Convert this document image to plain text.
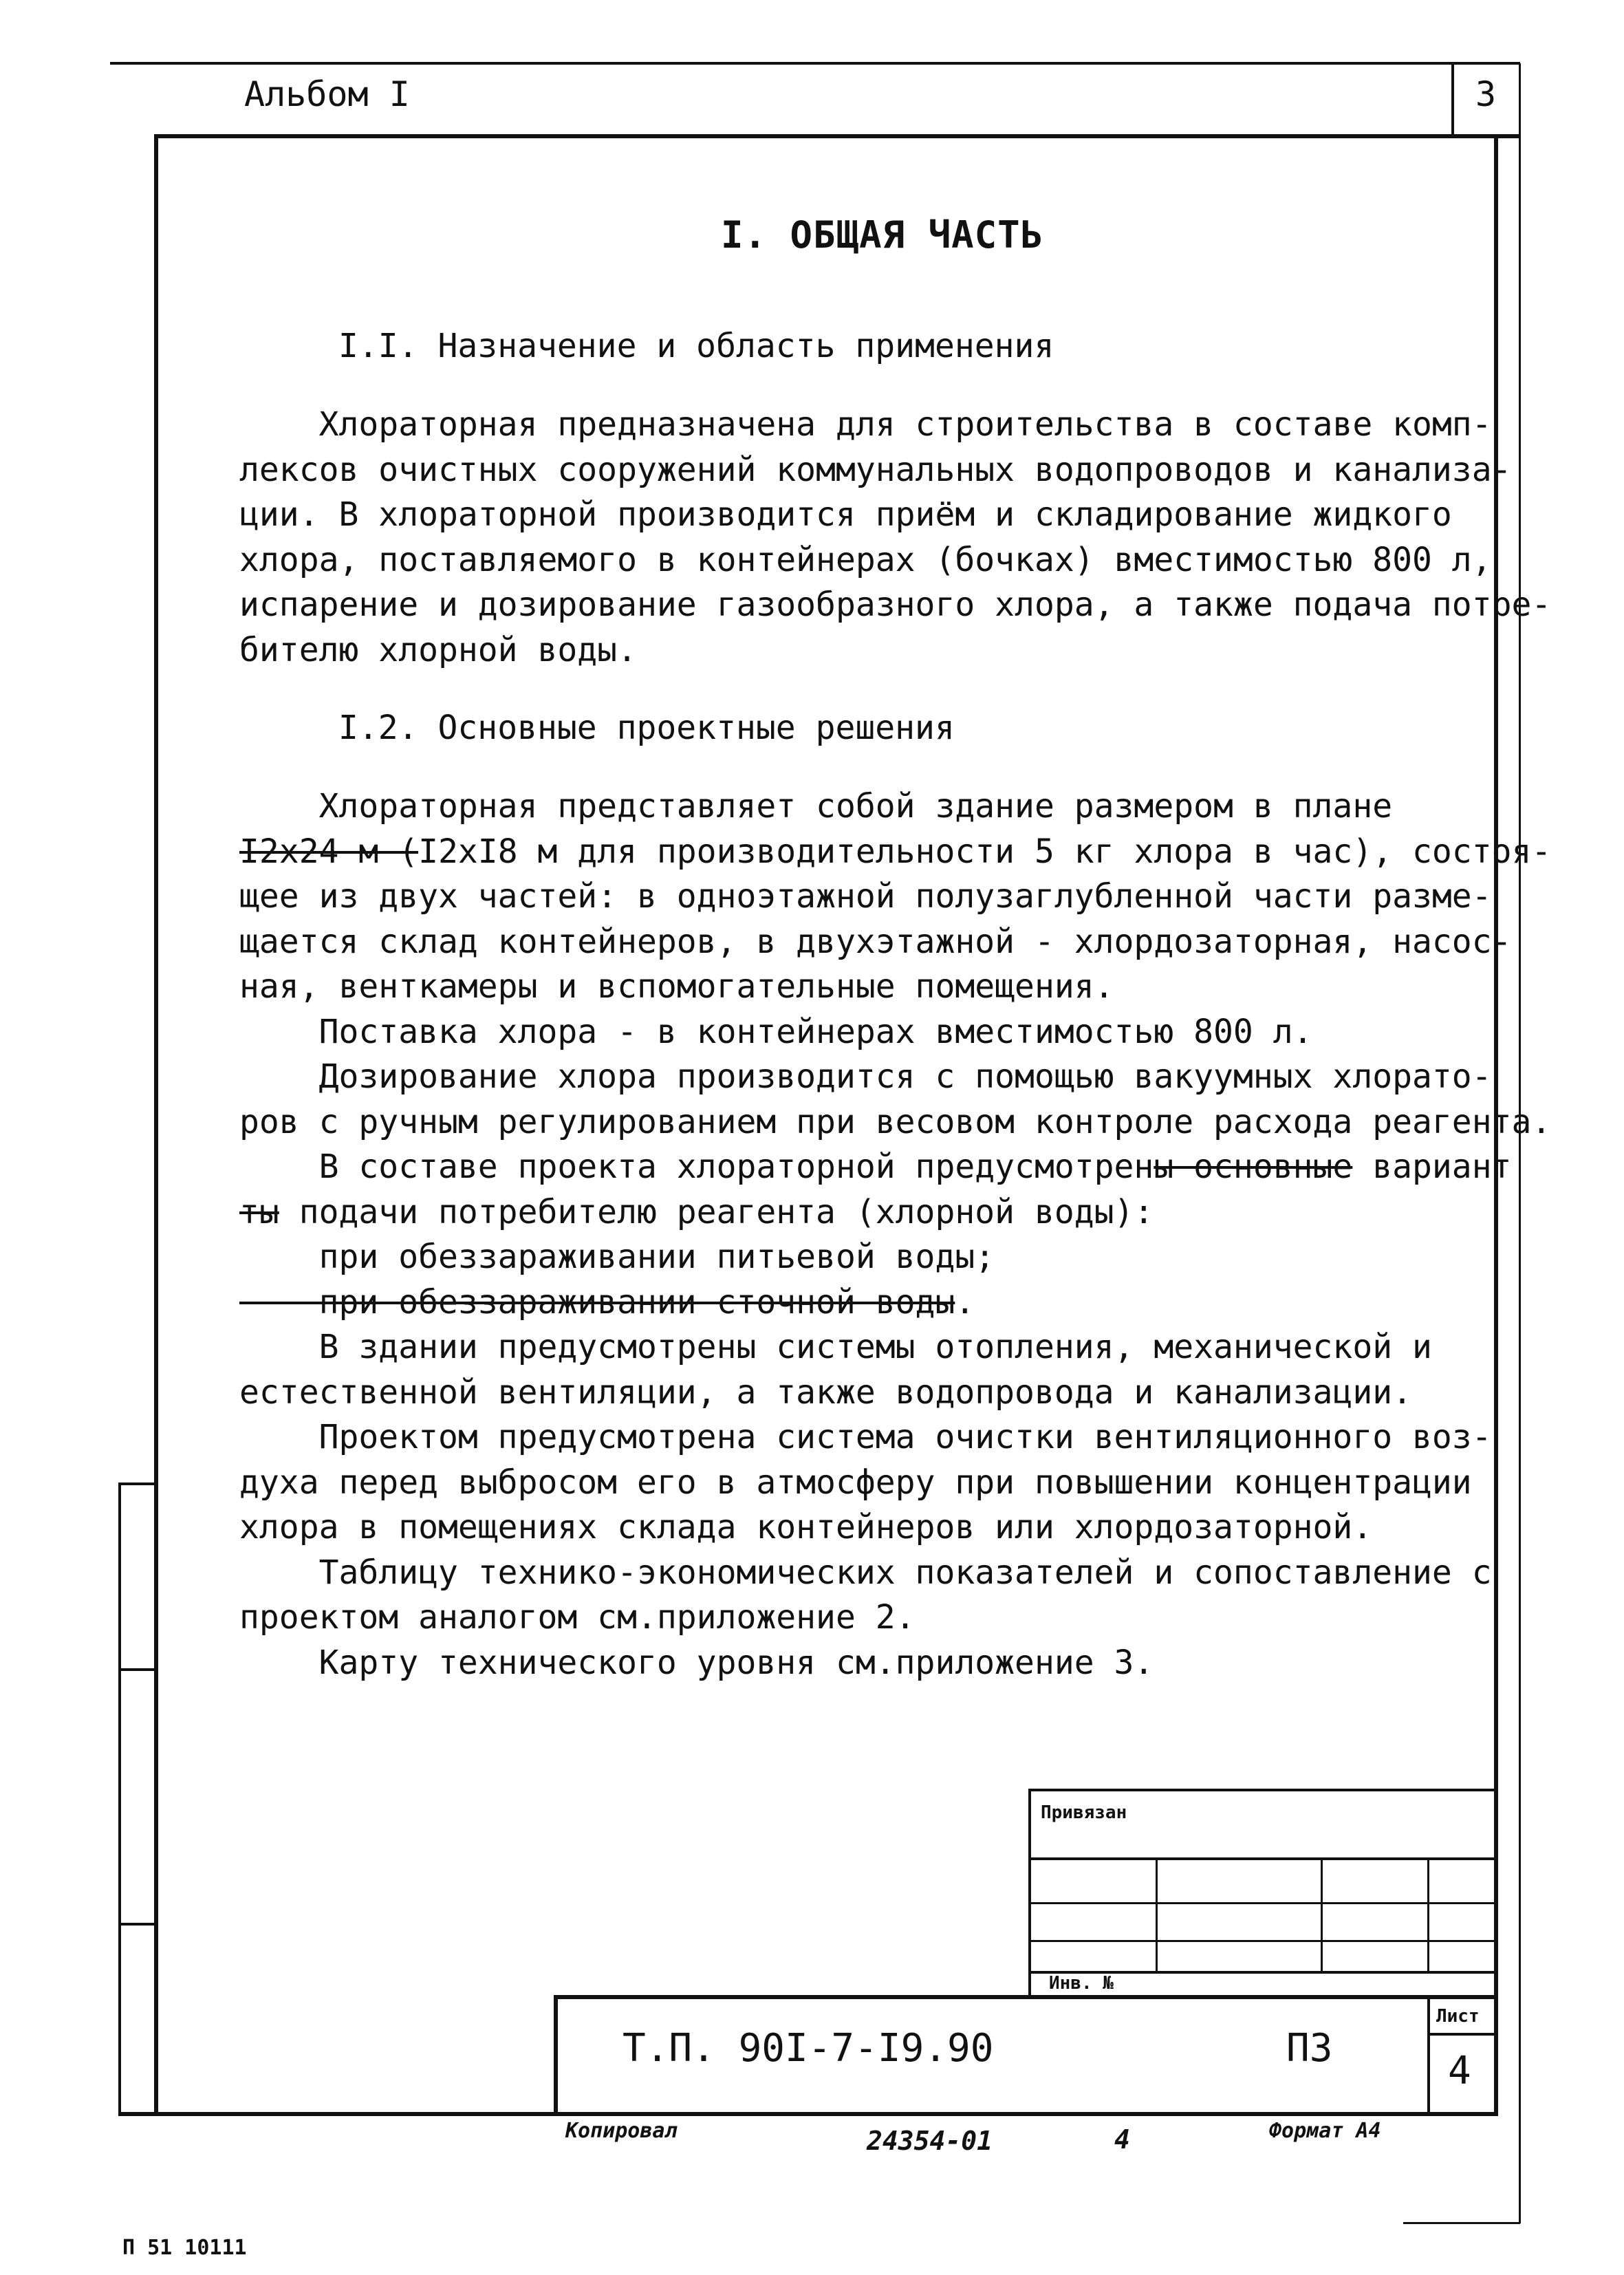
Альбом I	3
I. ОБЩАЯ ЧАСТЬ
I.I. Назначение и область применения
Хлораторная предназначена для строительства в составе комп-
лексов очистных сооружений коммунальных водопроводов и канализа-
ции. В хлораторной производится приём и складирование жидкого
хлора, поставляемого в контейнерах (бочках) вместимостью 800 л,
испарение и дозирование газообразного хлора, а также подача потре-
бителю хлорной воды.
I.2. Основные проектные решения
Хлораторная представляет собой здание размером в плане
I2x24 м (I2xI8 м для производительности 5 кг хлора в час), состоя-
щее из двух частей: в одноэтажной полузаглубленной части разме-
щается склад контейнеров, в двухэтажной - хлордозаторная, насос-
ная, венткамеры и вспомогательные помещения.
Поставка хлора - в контейнерах вместимостью 800 л.
Дозирование хлора производится с помощью вакуумных хлорато-
ров с ручным регулированием при весовом контроле расхода реагента.
В составе проекта хлораторной предусмотрены основные вариант
ты подачи потребителю реагента (хлорной воды):
при обеззараживании питьевой воды;
при обеззараживании сточной воды.
В здании предусмотрены системы отопления, механической и
естественной вентиляции, а также водопровода и канализации.
Проектом предусмотрена система очистки вентиляционного воз-
духа перед выбросом его в атмосферу при повышении концентрации
хлора в помещениях склада контейнеров или хлордозаторной.
Таблицу технико-экономических показателей и сопоставление с
проектом аналогом см.приложение 2.
Карту технического уровня см.приложение 3.
Привязан
Инв. №
Т.П. 90I-7-I9.90	ПЗ
Лист
4
Копировал	24354-01	4	Формат А4
П 51 10111
